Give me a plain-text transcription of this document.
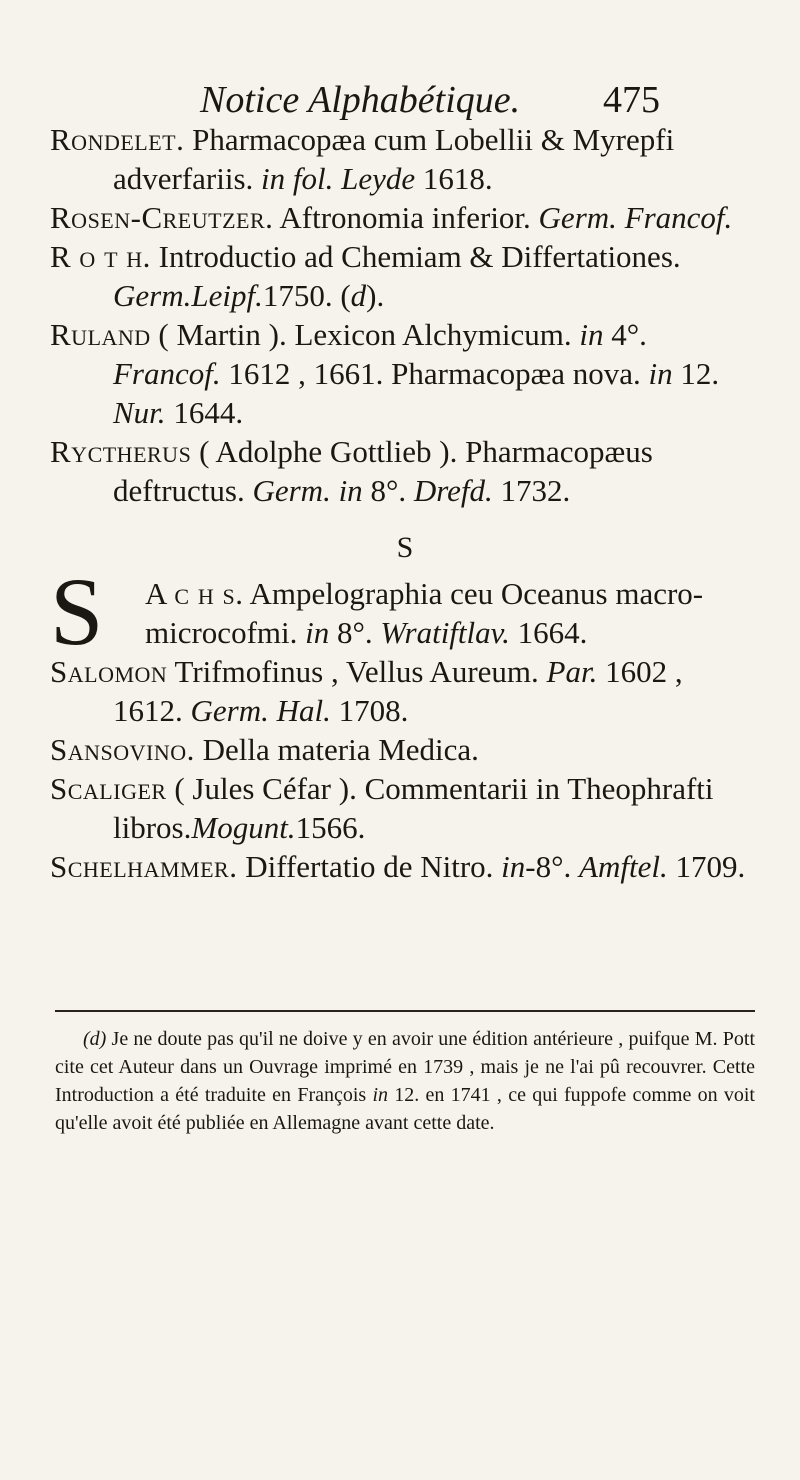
Notice Alphabétique. 475

Rondelet. Pharmacopæa cum Lobellii & Myrepfi adverfariis. in fol. Leyde 1618.

Rosen-Creutzer. Aftronomia inferior. Germ. Francof.

R o t h. Introductio ad Chemiam & Differtationes. Germ.Leipf.1750. (d).

Ruland ( Martin ). Lexicon Alchymicum. in 4°. Francof. 1612 , 1661. Pharmacopæa nova. in 12. Nur. 1644.

Ryctherus ( Adolphe Gottlieb ). Pharmacopæus deftructus. Germ. in 8°. Drefd. 1732.

S

S A c h s. Ampelographia ceu Oceanus macro-microcofmi. in 8°. Wratiftlav. 1664.

Salomon Trifmofinus , Vellus Aureum. Par. 1602 , 1612. Germ. Hal. 1708.

Sansovino. Della materia Medica.

Scaliger ( Jules Céfar ). Commentarii in Theophrafti libros.Mogunt.1566.

Schelhammer. Differtatio de Nitro. in-8°. Amftel. 1709.

(d) Je ne doute pas qu'il ne doive y en avoir une édition antérieure , puifque M. Pott cite cet Auteur dans un Ouvrage imprimé en 1739 , mais je ne l'ai pû recouvrer. Cette Introduction a été traduite en François in 12. en 1741 , ce qui fuppofe comme on voit qu'elle avoit été publiée en Allemagne avant cette date.
